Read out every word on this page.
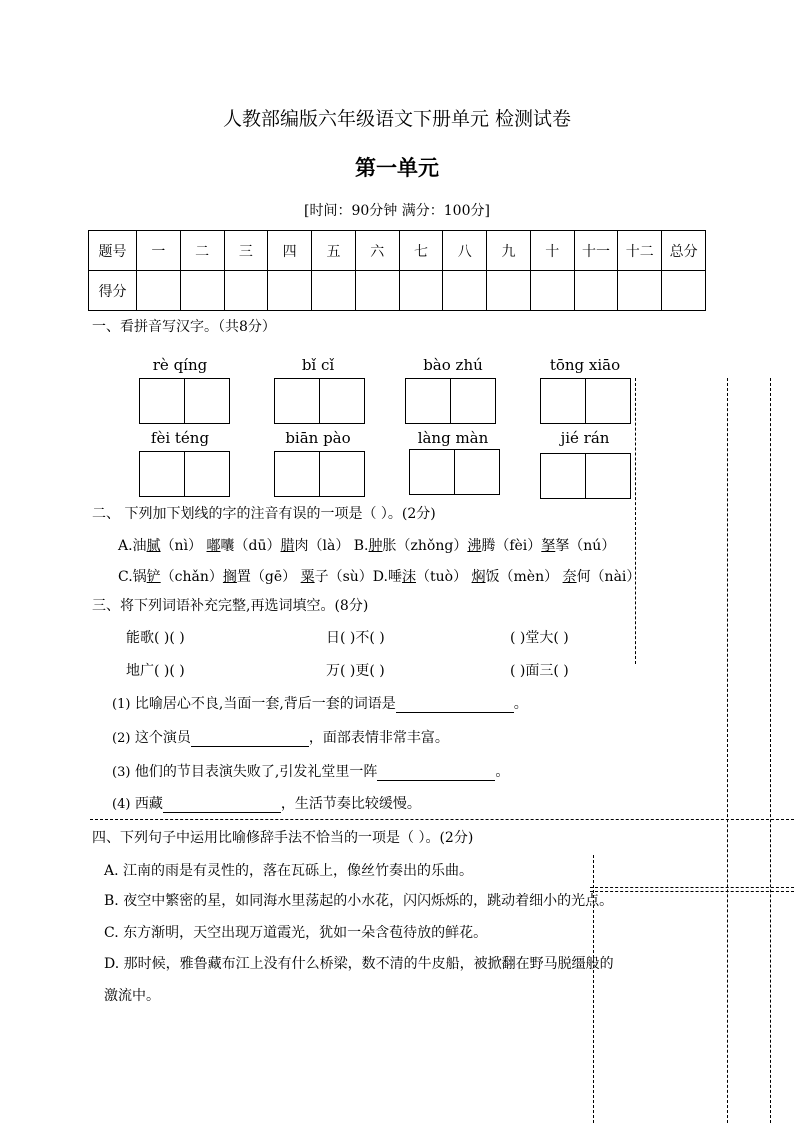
人教部编版六年级语文下册单元 检测试卷
第一单元
[时间：90分钟 满分：100分]
题号	一	二	三	四	五	六	七	八	九	十	十一	十二	总分
得分													
一、看拼音写汉字。（共8分）
rè qíng	bǐ cǐ	bào zhú	tōng xiāo
fèi téng	biān pào	làng màn	jié rán
二、 下列加下划线的字的注音有误的一项是（ ）。(2分)
A.油腻（nì） 嘟囔（dū）腊肉（là） B.肿胀（zhǒng）沸腾（fèi）拏拏（nú）
C.锅铲（chǎn）搁置（gē） 粟子（sù）D.唾沫（tuò） 焖饭（mèn） 奈何（nài）
三、将下列词语补充完整,再选词填空。(8分)
能歌( )( )	日( )不( )	( )堂大( )
地广( )( )	万( )更( )	( )面三( )
(1) 比喻居心不良,当面一套,背后一套的词语是	。
(2) 这个演员	，面部表情非常丰富。
(3) 他们的节目表演失败了,引发礼堂里一阵	。
(4) 西藏	，生活节奏比较缓慢。
四、下列句子中运用比喻修辞手法不恰当的一项是（ ）。(2分)
A. 江南的雨是有灵性的，落在瓦砾上，像丝竹奏出的乐曲。
B. 夜空中繁密的星，如同海水里荡起的小水花，闪闪烁烁的，跳动着细小的光点。
C. 东方渐明，天空出现万道霞光，犹如一朵含苞待放的鲜花。
D. 那时候，雅鲁藏布江上没有什么桥梁，数不清的牛皮船，被掀翻在野马脱缰般的
激流中。
